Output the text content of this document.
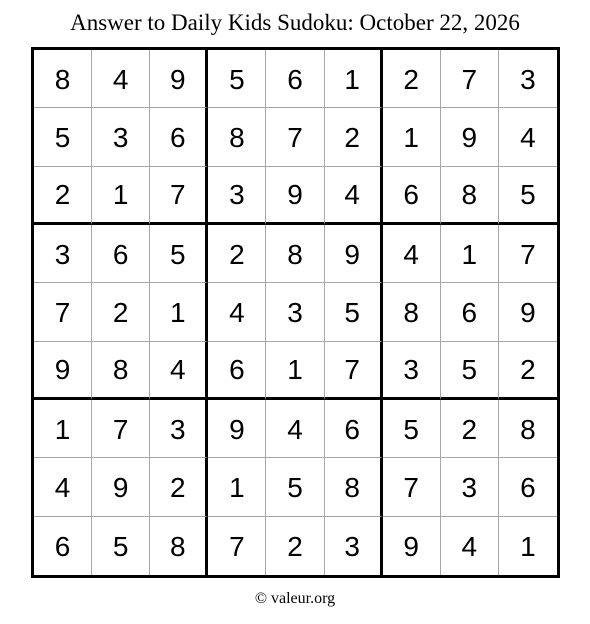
Answer to Daily Kids Sudoku: October 22, 2026
8	4	9	5	6	1	2	7	3
5	3	6	8	7	2	1	9	4
2	1	7	3	9	4	6	8	5
3	6	5	2	8	9	4	1	7
7	2	1	4	3	5	8	6	9
9	8	4	6	1	7	3	5	2
1	7	3	9	4	6	5	2	8
4	9	2	1	5	8	7	3	6
6	5	8	7	2	3	9	4	1
© valeur.org
